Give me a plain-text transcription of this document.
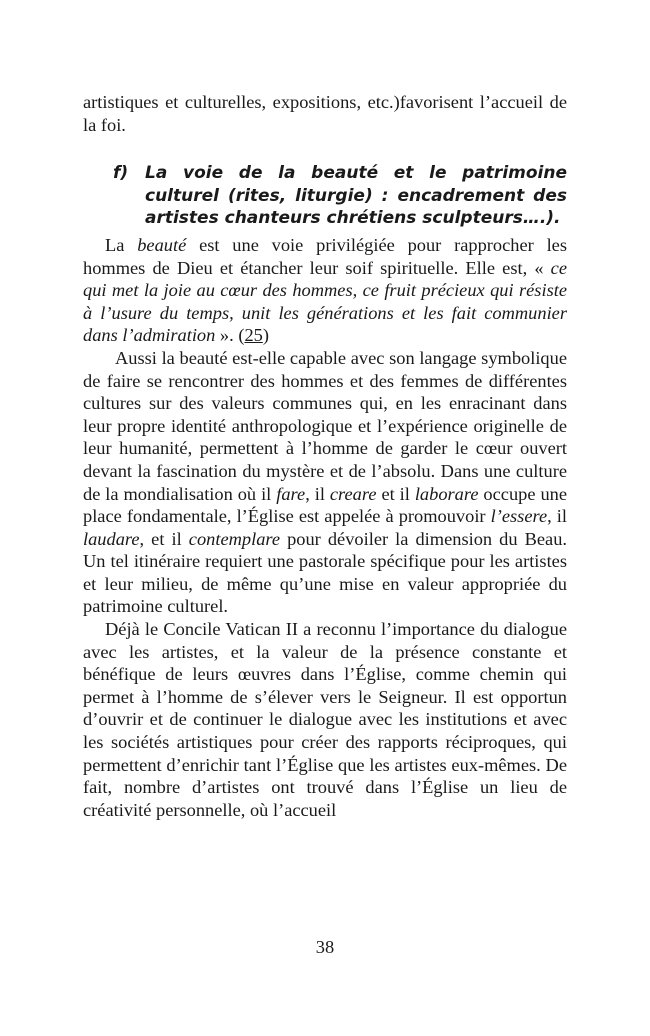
artistiques et culturelles, expositions, etc.)favorisent l’accueil de la foi.

f) La voie de la beauté et le patrimoine culturel (rites, liturgie) : encadrement des artistes chanteurs chrétiens sculpteurs….).

La beauté est une voie privilégiée pour rapprocher les hommes de Dieu et étancher leur soif spirituelle. Elle est, « ce qui met la joie au cœur des hommes, ce fruit précieux qui résiste à l’usure du temps, unit les générations et les fait communier dans l’admiration ». (25)

Aussi la beauté est-elle capable avec son langage symbolique de faire se rencontrer des hommes et des femmes de différentes cultures sur des valeurs communes qui, en les enracinant dans leur propre identité anthropologique et l’expérience originelle de leur humanité, permettent à l’homme de garder le cœur ouvert devant la fascination du mystère et de l’absolu. Dans une culture de la mondialisation où il fare, il creare et il laborare occupe une place fondamentale, l’Église est appelée à promouvoir l’essere, il laudare, et il contemplare pour dévoiler la dimension du Beau. Un tel itinéraire requiert une pastorale spécifique pour les artistes et leur milieu, de même qu’une mise en valeur appropriée du patrimoine culturel.

Déjà le Concile Vatican II a reconnu l’importance du dialogue avec les artistes, et la valeur de la présence constante et bénéfique de leurs œuvres dans l’Église, comme chemin qui permet à l’homme de s’élever vers le Seigneur. Il est opportun d’ouvrir et de continuer le dialogue avec les institutions et avec les sociétés artistiques pour créer des rapports réciproques, qui permettent d’enrichir tant l’Église que les artistes eux-mêmes. De fait, nombre d’artistes ont trouvé dans l’Église un lieu de créativité personnelle, où l’accueil

38
